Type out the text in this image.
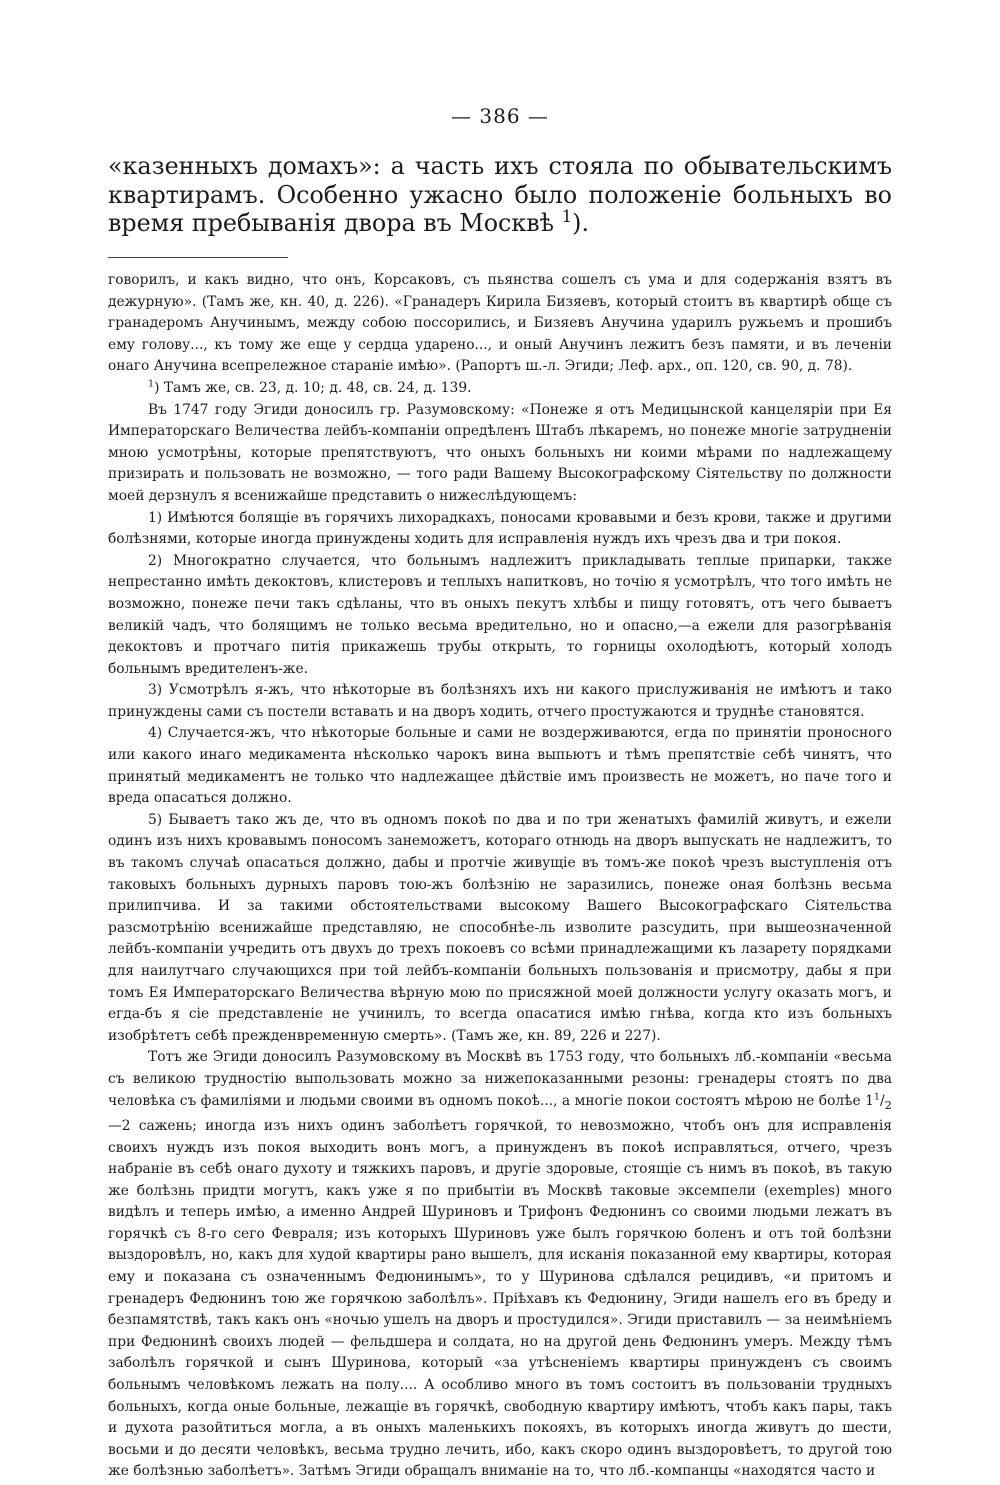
— 386 —

«казенныхъ домахъ»: а часть ихъ стояла по обывательскимъ квартирамъ. Особенно ужасно было положеніе больныхъ во время пребыванія двора въ Москвѣ $^1$).

говорилъ, и какъ видно, что онъ, Корсаковъ, съ пьянства сошелъ съ ума и для содержанія взятъ въ дежурную». (Тамъ же, кн. 40, д. 226). «Гранадеръ Кирила Бизяевъ, который стоитъ въ квартирѣ обще съ гранадеромъ Анучинымъ, между собою поссорились, и Бизяевъ Анучина ударилъ ружьемъ и прошибъ ему голову..., къ тому же еще у сердца ударено..., и оный Анучинъ лежитъ безъ памяти, и въ леченіи онаго Анучина всепрележное стараніе имѣю». (Рапортъ ш.-л. Эгиди; Леф. арх., оп. 120, св. 90, д. 78).

$^1$) Тамъ же, св. 23, д. 10; д. 48, св. 24, д. 139.

Въ 1747 году Эгиди доносилъ гр. Разумовскому: «Понеже я отъ Медицынской канцеляріи при Ея Императорскаго Величества лейбъ-компаніи опредѣленъ Штабъ лѣкаремъ, но понеже многіе затрудненіи мною усмотрѣны, которые препятствуютъ, что оныхъ больныхъ ни коими мѣрами по надлежащему призирать и пользовать не возможно, — того ради Вашему Высокографскому Сіятельству по должности моей дерзнулъ я всенижайше представить о нижеслѣдующемъ:

1) Имѣются болящіе въ горячихъ лихорадкахъ, поносами кровавыми и безъ крови, также и другими болѣзнями, которые иногда принуждены ходить для исправленія нуждъ ихъ чрезъ два и три покоя.

2) Многократно случается, что больнымъ надлежитъ прикладывать теплые припарки, также непрестанно имѣть декоктовъ, клистеровъ и теплыхъ напитковъ, но точію я усмотрѣлъ, что того имѣть не возможно, понеже печи такъ сдѣланы, что въ оныхъ пекутъ хлѣбы и пищу готовятъ, отъ чего бываетъ великій чадъ, что болящимъ не только весьма вредительно, но и опасно,—а ежели для разогрѣванія декоктовъ и протчаго питія прикажешь трубы открыть, то горницы охолодѣютъ, который холодъ больнымъ вредителенъ-же.

3) Усмотрѣлъ я-жъ, что нѣкоторые въ болѣзняхъ ихъ ни какого прислуживанія не имѣютъ и тако принуждены сами съ постели вставать и на дворъ ходить, отчего простужаются и труднѣе становятся.

4) Случается-жъ, что нѣкоторые больные и сами не воздерживаются, егда по принятіи проносного или какого инаго медикамента нѣсколько чарокъ вина выпьютъ и тѣмъ препятствіе себѣ чинятъ, что принятый медикаментъ не только что надлежащее дѣйствіе имъ произвесть не можетъ, но паче того и вреда опасаться должно.

5) Бываетъ тако жъ де, что въ одномъ покоѣ по два и по три женатыхъ фамилій живутъ, и ежели одинъ изъ нихъ кровавымъ поносомъ занеможетъ, котораго отнюдь на дворъ выпускать не надлежитъ, то въ такомъ случаѣ опасаться должно, дабы и протчіе живущіе въ томъ-же покоѣ чрезъ выступленія отъ таковыхъ больныхъ дурныхъ паровъ тою-жъ болѣзнію не заразились, понеже оная болѣзнь весьма прилипчива. И за такими обстоятельствами высокому Вашего Высокографскаго Сіятельства разсмотрѣнію всенижайше представляю, не способнѣе-ль изволите разсудить, при вышеозначенной лейбъ-компаніи учредить отъ двухъ до трехъ покоевъ со всѣми принадлежащими къ лазарету порядками для наилутчаго случающихся при той лейбъ-компаніи больныхъ пользованія и присмотру, дабы я при томъ Ея Императорскаго Величества вѣрную мою по присяжной моей должности услугу оказать могъ, и егда-бъ я сіе представленіе не учинилъ, то всегда опасатися имѣю гнѣва, когда кто изъ больныхъ изобрѣтетъ себѣ прежденвременную смерть». (Тамъ же, кн. 89, 226 и 227).

Тотъ же Эгиди доносилъ Разумовскому въ Москвѣ въ 1753 году, что больныхъ лб.-компаніи «весьма съ великою трудностію выпользовать можно за нижепоказанными резоны: гренадеры стоятъ по два человѣка съ фамиліями и людьми своими въ одномъ покоѣ..., а многіе покои состоятъ мѣрою не болѣе $1^1/_2—2$ сажень; иногда изъ нихъ одинъ заболѣетъ горячкой, то невозможно, чтобъ онъ для исправленія своихъ нуждъ изъ покоя выходить вонъ могъ, а принужденъ въ покоѣ исправляться, отчего, чрезъ набраніе въ себѣ онаго духоту и тяжкихъ паровъ, и другіе здоровые, стоящіе съ нимъ въ покоѣ, въ такую же болѣзнь придти могутъ, какъ уже я по прибытіи въ Москвѣ таковые эксемпели (exemples) много видѣлъ и теперь имѣю, а именно Андрей Шуриновъ и Трифонъ Федюнинъ со своими людьми лежатъ въ горячкѣ съ 8-го сего Февраля; изъ которыхъ Шуриновъ уже былъ горячкою боленъ и отъ той болѣзни выздоровѣлъ, но, какъ для худой квартиры рано вышелъ, для исканія показанной ему квартиры, которая ему и показана съ означеннымъ Федюнинымъ», то у Шуринова сдѣлался рецидивъ, «и притомъ и гренадеръ Федюнинъ тою же горячкою заболѣлъ». Пріѣхавъ къ Федюнину, Эгиди нашелъ его въ бреду и безпамятствѣ, такъ какъ онъ «ночью ушелъ на дворъ и простудился». Эгиди приставилъ — за неимѣніемъ при Федюнинѣ своихъ людей — фельдшера и солдата, но на другой день Федюнинъ умеръ. Между тѣмъ заболѣлъ горячкой и сынъ Шуринова, который «за утѣсненіемъ квартиры принужденъ съ своимъ больнымъ человѣкомъ лежать на полу.... А особливо много въ томъ состоитъ въ пользованіи трудныхъ больныхъ, когда оные больные, лежащіе въ горячкѣ, свободную квартиру имѣютъ, чтобъ какъ пары, такъ и духота разойтиться могла, а въ оныхъ маленькихъ покояхъ, въ которыхъ иногда живутъ до шести, восьми и до десяти человѣкъ, весьма трудно лечить, ибо, какъ скоро одинъ выздоровѣетъ, то другой тою же болѣзнью заболѣетъ». Затѣмъ Эгиди обращалъ вниманіе на то, что лб.-компанцы «находятся часто и
